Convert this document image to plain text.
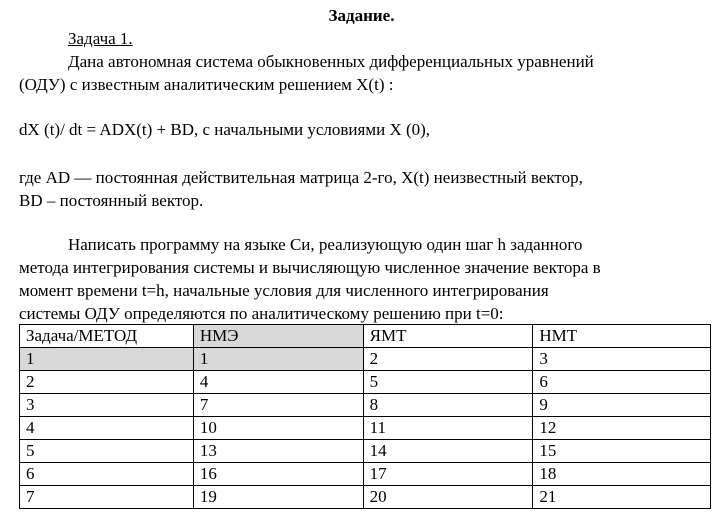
Задание.
Задача 1.
Дана автономная система обыкновенных дифференциальных уравнений
(ОДУ) с известным аналитическим решением X(t) :
dX (t)/ dt = ADX(t) + BD, с начальными условиями X (0),
где AD — постоянная действительная матрица 2-го, X(t) неизвестный вектор,
BD – постоянный вектор.
Написать программу на языке Си, реализующую один шаг h заданного
метода интегрирования системы и вычисляющую численное значение вектора в
момент времени t=h, начальные условия для численного интегрирования
системы ОДУ определяются по аналитическому решению при t=0:
Задача/МЕТОД	НМЭ	ЯМТ	НМТ
1	1	2	3
2	4	5	6
3	7	8	9
4	10	11	12
5	13	14	15
6	16	17	18
7	19	20	21
